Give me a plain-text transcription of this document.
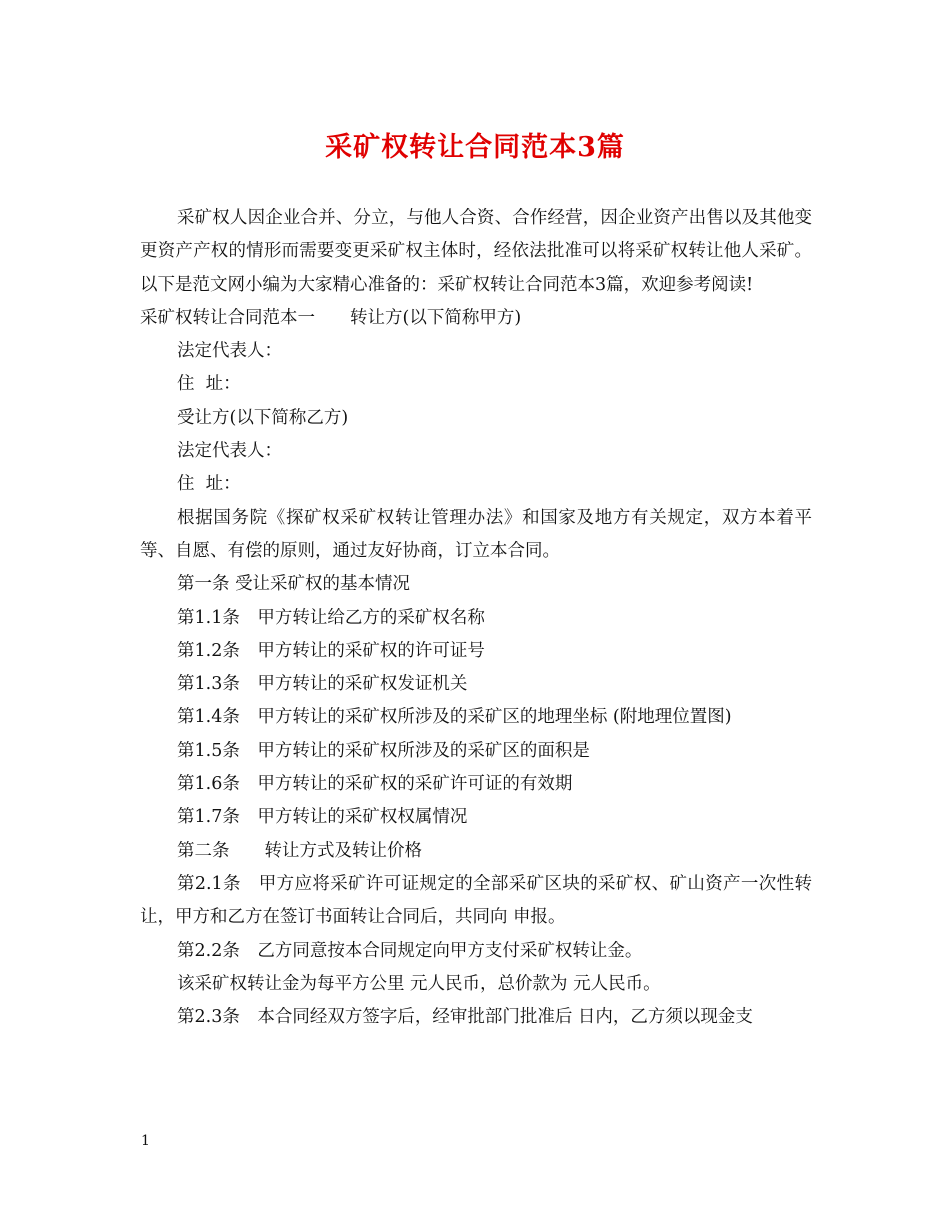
采矿权转让合同范本3篇

采矿权人因企业合并、分立，与他人合资、合作经营，因企业资产出售以及其他变更资产产权的情形而需要变更采矿权主体时，经依法批准可以将采矿权转让他人采矿。以下是范文网小编为大家精心准备的：采矿权转让合同范本3篇，欢迎参考阅读!

采矿权转让合同范本一　　转让方(以下简称甲方)

法定代表人：

住  址：

受让方(以下简称乙方)

法定代表人：

住  址：

根据国务院《探矿权采矿权转让管理办法》和国家及地方有关规定，双方本着平等、自愿、有偿的原则，通过友好协商，订立本合同。

第一条 受让采矿权的基本情况

第1.1条　甲方转让给乙方的采矿权名称

第1.2条　甲方转让的采矿权的许可证号

第1.3条　甲方转让的采矿权发证机关

第1.4条　甲方转让的采矿权所涉及的采矿区的地理坐标 (附地理位置图)

第1.5条　甲方转让的采矿权所涉及的采矿区的面积是

第1.6条　甲方转让的采矿权的采矿许可证的有效期

第1.7条　甲方转让的采矿权权属情况

第二条　　转让方式及转让价格

第2.1条　甲方应将采矿许可证规定的全部采矿区块的采矿权、矿山资产一次性转让，甲方和乙方在签订书面转让合同后，共同向 申报。

第2.2条　乙方同意按本合同规定向甲方支付采矿权转让金。

该采矿权转让金为每平方公里 元人民币，总价款为 元人民币。

第2.3条　本合同经双方签字后，经审批部门批准后 日内，乙方须以现金支

1
